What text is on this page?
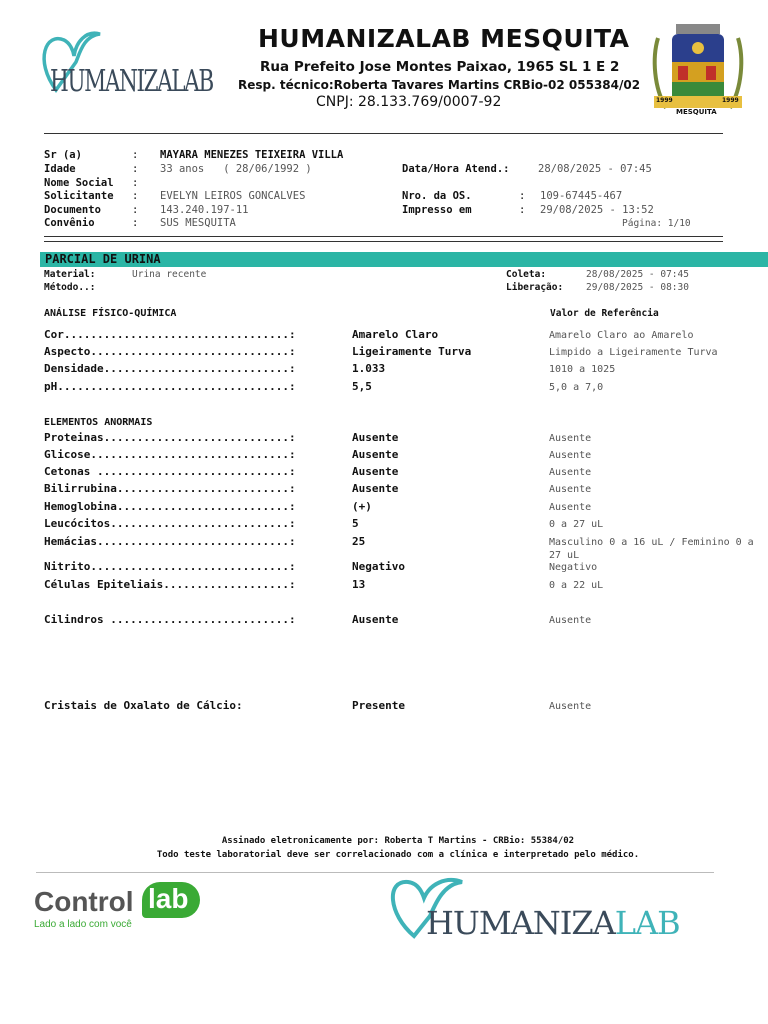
HUMANIZALAB
HUMANIZALAB MESQUITA
Rua Prefeito Jose Montes Paixao, 1965 SL 1 E 2
Resp. técnico:Roberta Tavares Martins CRBio-02 055384/02
CNPJ: 28.133.769/0007-92	1999	1999
MESQUITA
Sr (a)	: MAYARA MENEZES TEIXEIRA VILLA
Idade	: 33 anos   ( 28/06/1992 )
Nome Social :
Solicitante : EVELYN LEIROS GONCALVES
Documento	: 143.240.197-11
Convênio	: SUS MESQUITA
Data/Hora Atend.:	28/08/2025 - 07:45
Nro. da OS.	: 109-67445-467
Impresso em	: 29/08/2025 - 13:52
Página: 1/10
PARCIAL DE URINA
Material:	Urina recente
Método..:
Coleta:	28/08/2025 - 07:45
Liberação: 29/08/2025 - 08:30
ANÁLISE FÍSICO-QUÍMICA	Valor de Referência
ELEMENTOS ANORMAIS
Cor..................................:	Amarelo Claro	Amarelo Claro ao Amarelo
Aspecto..............................:	Ligeiramente Turva	Limpido a Ligeiramente Turva
Densidade............................:	1.033	1010 a 1025
pH...................................:	5,5	5,0 a 7,0
Proteinas............................:	Ausente	Ausente
Glicose..............................:	Ausente	Ausente
Cetonas .............................:	Ausente	Ausente
Bilirrubina..........................:	Ausente	Ausente
Hemoglobina..........................:	(+)	Ausente
Leucócitos...........................:	5	0 a 27 uL
Hemácias.............................:	25	Masculino 0 a 16 uL / Feminino 0 a 27 uL
Nitrito..............................:	Negativo	Negativo
Células Epiteliais...................:	13	0 a 22 uL
Cilindros ...........................:	Ausente	Ausente
Cristais de Oxalato de Cálcio:	Presente	Ausente
Assinado eletronicamente por: Roberta T Martins - CRBio: 55384/02
Todo teste laboratorial deve ser correlacionado com a clínica e interpretado pelo médico.
Control lab
Lado a lado com você	HUMANIZALAB
